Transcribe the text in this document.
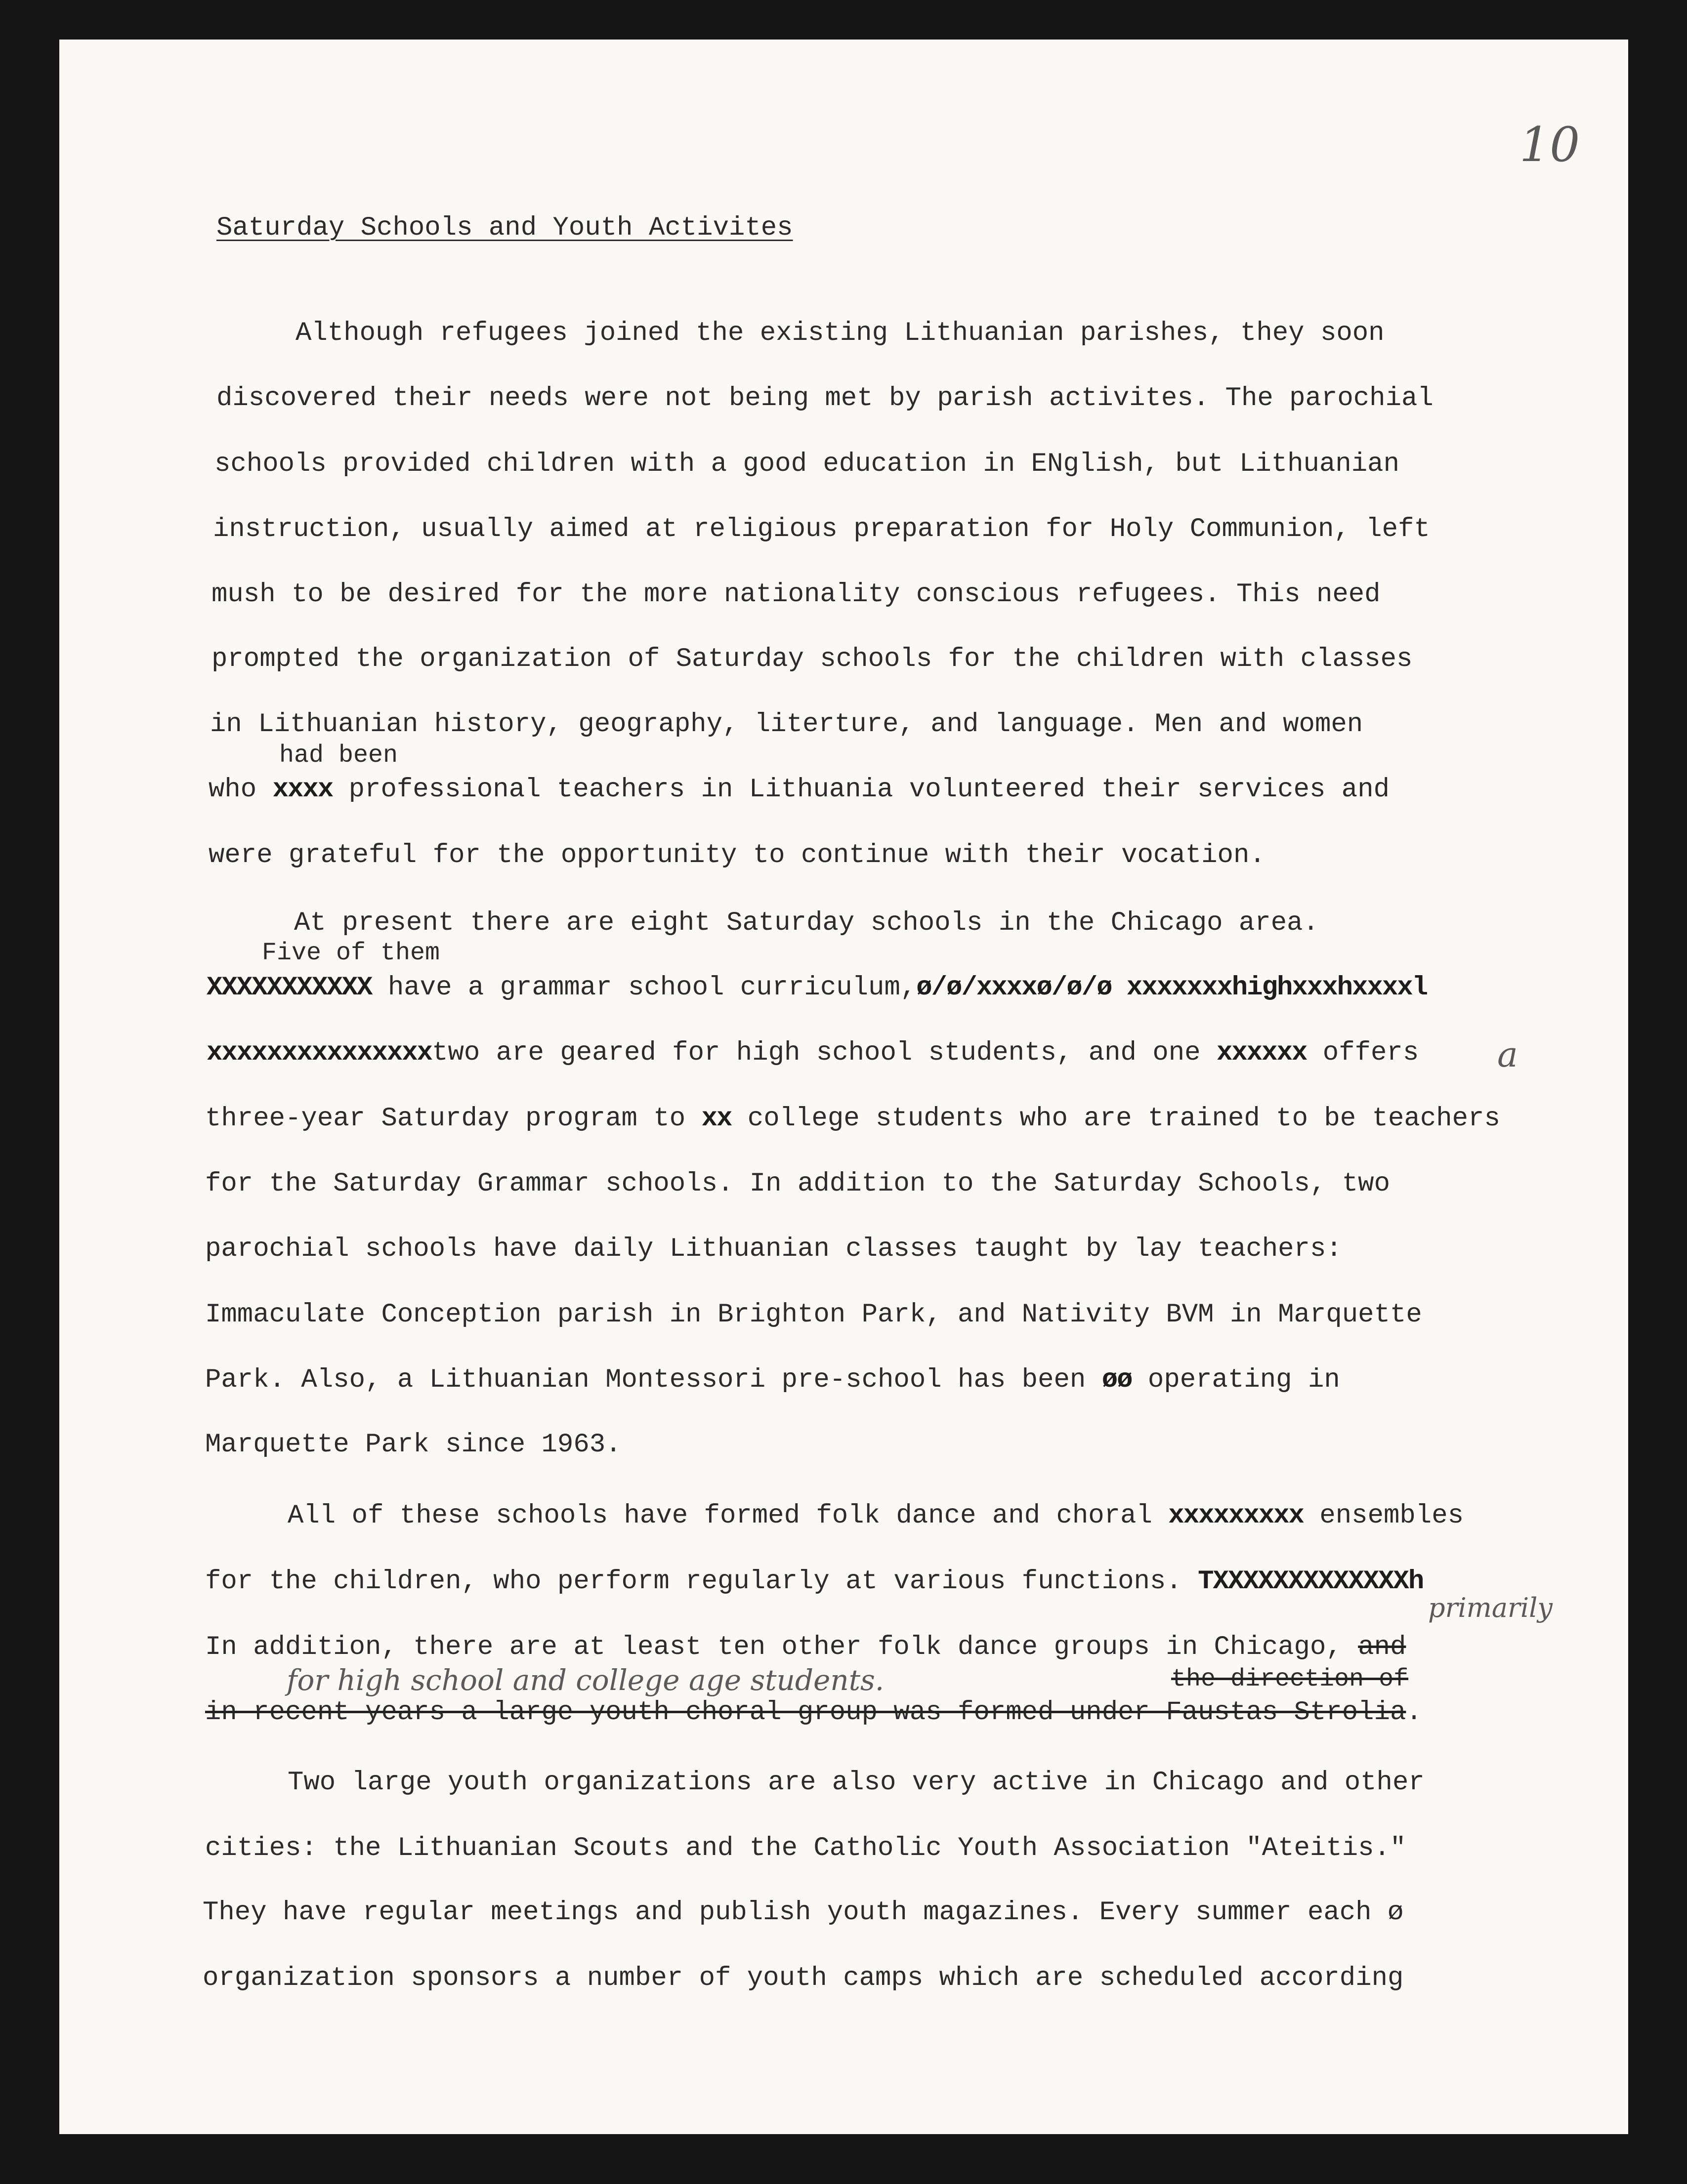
10
Saturday Schools and Youth Activites
Although refugees joined the existing Lithuanian parishes, they soon
discovered their needs were not being met by parish activites. The parochial
schools provided children with a good education in ENglish, but Lithuanian
instruction, usually aimed at religious preparation for Holy Communion, left
mush to be desired for the more nationality conscious refugees. This need
prompted the organization of Saturday schools for the children with classes
in Lithuanian history, geography, literture, and language. Men and women
had been
who xxxx professional teachers in Lithuania volunteered their services and
were grateful for the opportunity to continue with their vocation.
At present there are eight Saturday schools in the Chicago area.
Five of them
XXXXXXXXXXX have a grammar school curriculum,ø/ø/xxxxø/ø/ø xxxxxxxhighxxxhxxxxl
xxxxxxxxxxxxxxxtwo are geared for high school students, and one xxxxxx offers a
three-year Saturday program to xx college students who are trained to be teachers
for the Saturday Grammar schools. In addition to the Saturday Schools, two
parochial schools have daily Lithuanian classes taught by lay teachers:
Immaculate Conception parish in Brighton Park, and Nativity BVM in Marquette
Park. Also, a Lithuanian Montessori pre-school has been øø operating in
Marquette Park since 1963.
All of these schools have formed folk dance and choral xxxxxxxxx ensembles
for the children, who perform regularly at various functions. TXXXXXXXXXXXXXh
primarily
In addition, there are at least ten other folk dance groups in Chicago, and
for high school and college age students.	the direction of
in recent years a large youth choral group was formed under Faustas Strolia.
Two large youth organizations are also very active in Chicago and other
cities: the Lithuanian Scouts and the Catholic Youth Association "Ateitis."
They have regular meetings and publish youth magazines. Every summer each ø
organization sponsors a number of youth camps which are scheduled according
